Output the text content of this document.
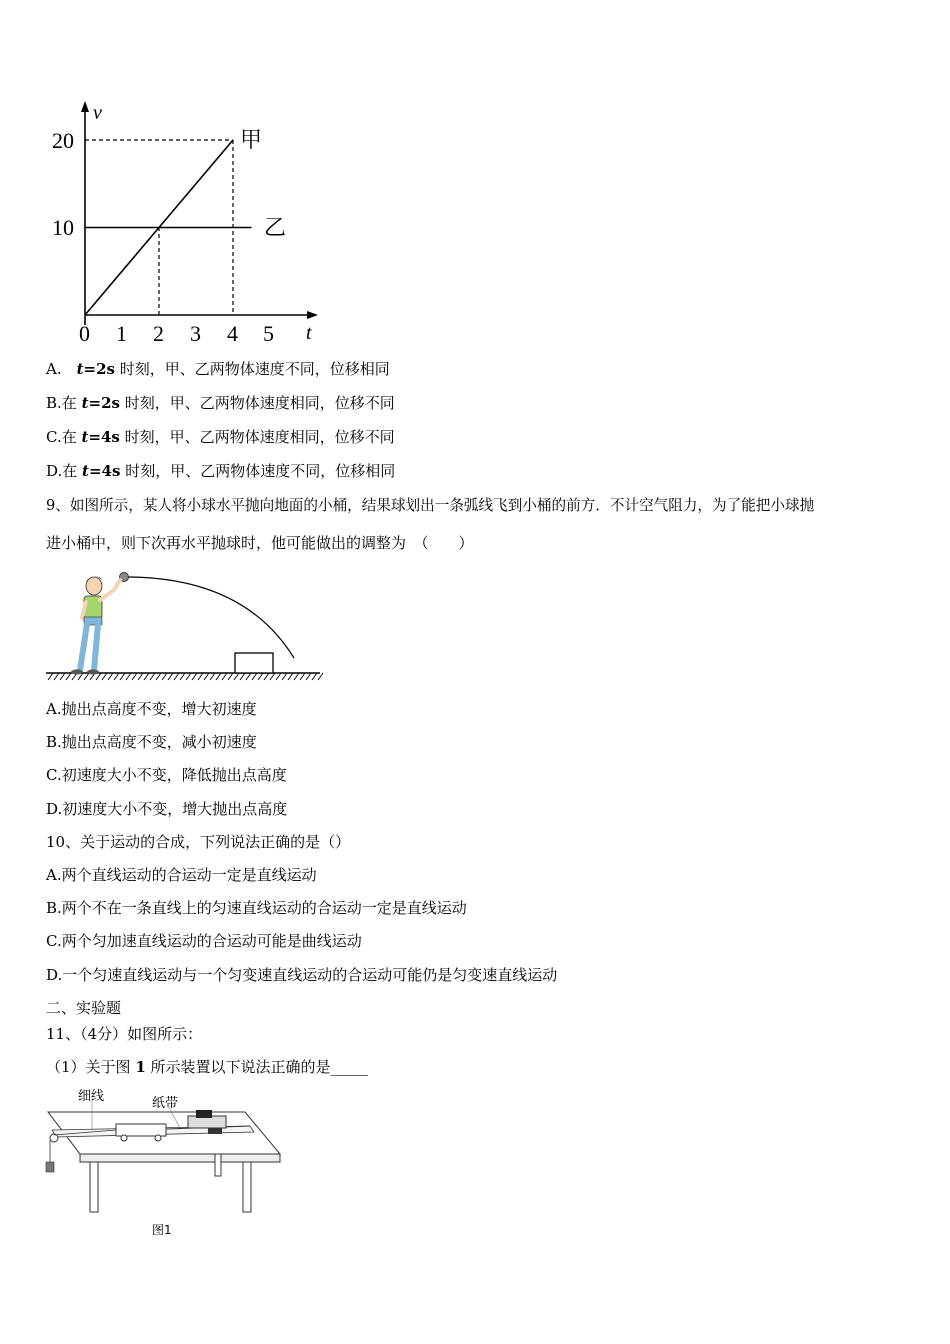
v
t
20
10
0 1 2 3 4 5
甲
乙
A.　t=2s 时刻，甲、乙两物体速度不同，位移相同
B.在 t=2s 时刻，甲、乙两物体速度相同，位移不同
C.在 t=4s 时刻，甲、乙两物体速度相同，位移不同
D.在 t=4s 时刻，甲、乙两物体速度不同，位移相同
9、如图所示，某人将小球水平抛向地面的小桶，结果球划出一条弧线飞到小桶的前方．不计空气阻力，为了能把小球抛
进小桶中，则下次再水平抛球时，他可能做出的调整为　（　　）
A.抛出点高度不变，增大初速度
B.抛出点高度不变，减小初速度
C.初速度大小不变，降低抛出点高度
D.初速度大小不变，增大抛出点高度
10、关于运动的合成，下列说法正确的是（）
A.两个直线运动的合运动一定是直线运动
B.两个不在一条直线上的匀速直线运动的合运动一定是直线运动
C.两个匀加速直线运动的合运动可能是曲线运动
D.一个匀速直线运动与一个匀变速直线运动的合运动可能仍是匀变速直线运动
二、实验题
11、（4分）如图所示：
（1）关于图 1 所示装置以下说法正确的是_____
细线	纸带
图1
